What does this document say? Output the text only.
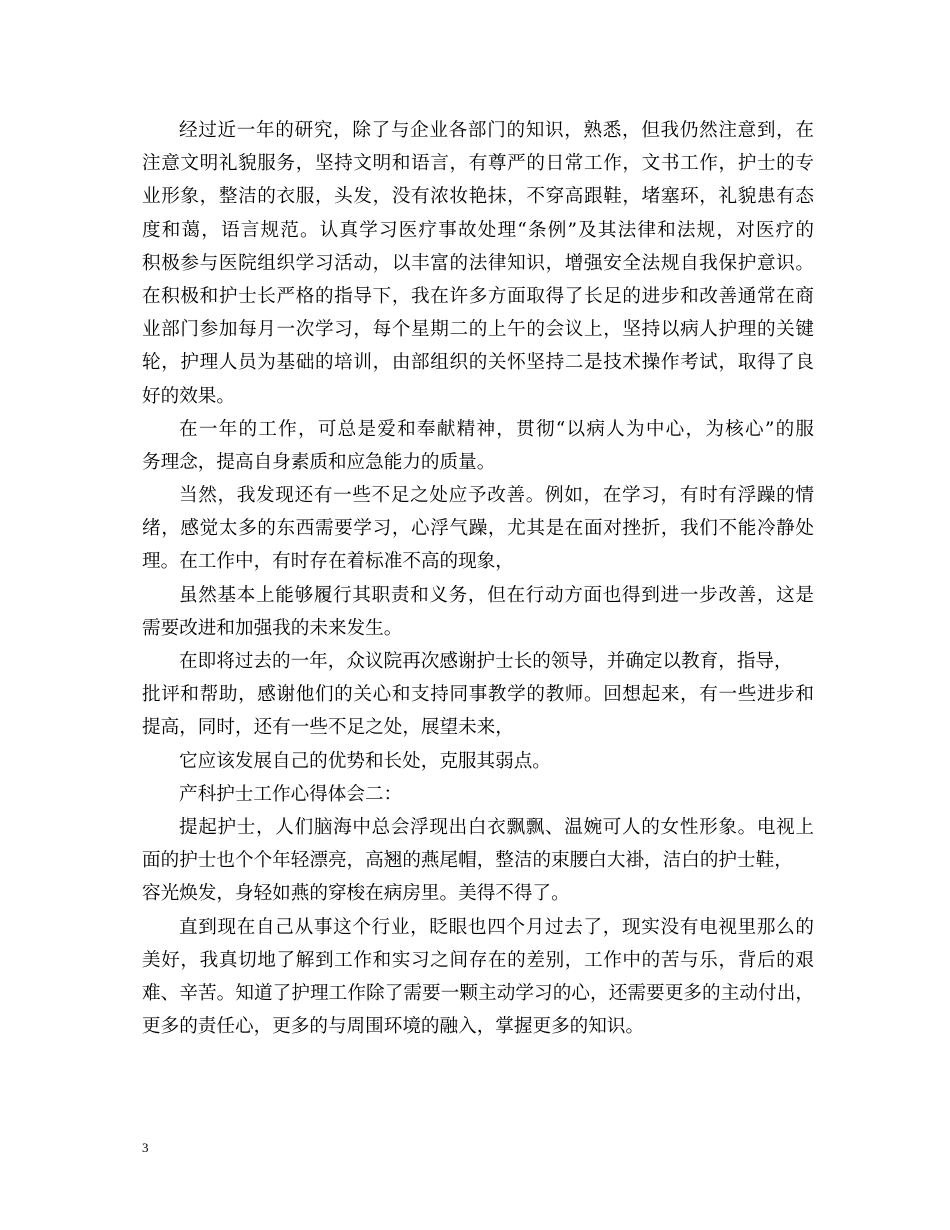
经过近一年的研究，除了与企业各部门的知识，熟悉，但我仍然注意到，在
注意文明礼貌服务，坚持文明和语言，有尊严的日常工作，文书工作，护士的专
业形象，整洁的衣服，头发，没有浓妆艳抹，不穿高跟鞋，堵塞环，礼貌患有态
度和蔼，语言规范。认真学习医疗事故处理“条例”及其法律和法规，对医疗的
积极参与医院组织学习活动，以丰富的法律知识，增强安全法规自我保护意识。
在积极和护士长严格的指导下，我在许多方面取得了长足的进步和改善通常在商
业部门参加每月一次学习，每个星期二的上午的会议上，坚持以病人护理的关键
轮，护理人员为基础的培训，由部组织的关怀坚持二是技术操作考试，取得了良
好的效果。
在一年的工作，可总是爱和奉献精神，贯彻“以病人为中心，为核心”的服
务理念，提高自身素质和应急能力的质量。
当然，我发现还有一些不足之处应予改善。例如，在学习，有时有浮躁的情
绪，感觉太多的东西需要学习，心浮气躁，尤其是在面对挫折，我们不能冷静处
理。在工作中，有时存在着标准不高的现象，
虽然基本上能够履行其职责和义务，但在行动方面也得到进一步改善，这是
需要改进和加强我的未来发生。
在即将过去的一年，众议院再次感谢护士长的领导，并确定以教育，指导，
批评和帮助，感谢他们的关心和支持同事教学的教师。回想起来，有一些进步和
提高，同时，还有一些不足之处，展望未来，
它应该发展自己的优势和长处，克服其弱点。
产科护士工作心得体会二：
提起护士，人们脑海中总会浮现出白衣飘飘、温婉可人的女性形象。电视上
面的护士也个个年轻漂亮，高翘的燕尾帽，整洁的束腰白大褂，洁白的护士鞋，
容光焕发，身轻如燕的穿梭在病房里。美得不得了。
直到现在自己从事这个行业，眨眼也四个月过去了，现实没有电视里那么的
美好，我真切地了解到工作和实习之间存在的差别，工作中的苦与乐，背后的艰
难、辛苦。知道了护理工作除了需要一颗主动学习的心，还需要更多的主动付出，
更多的责任心，更多的与周围环境的融入，掌握更多的知识。
3
